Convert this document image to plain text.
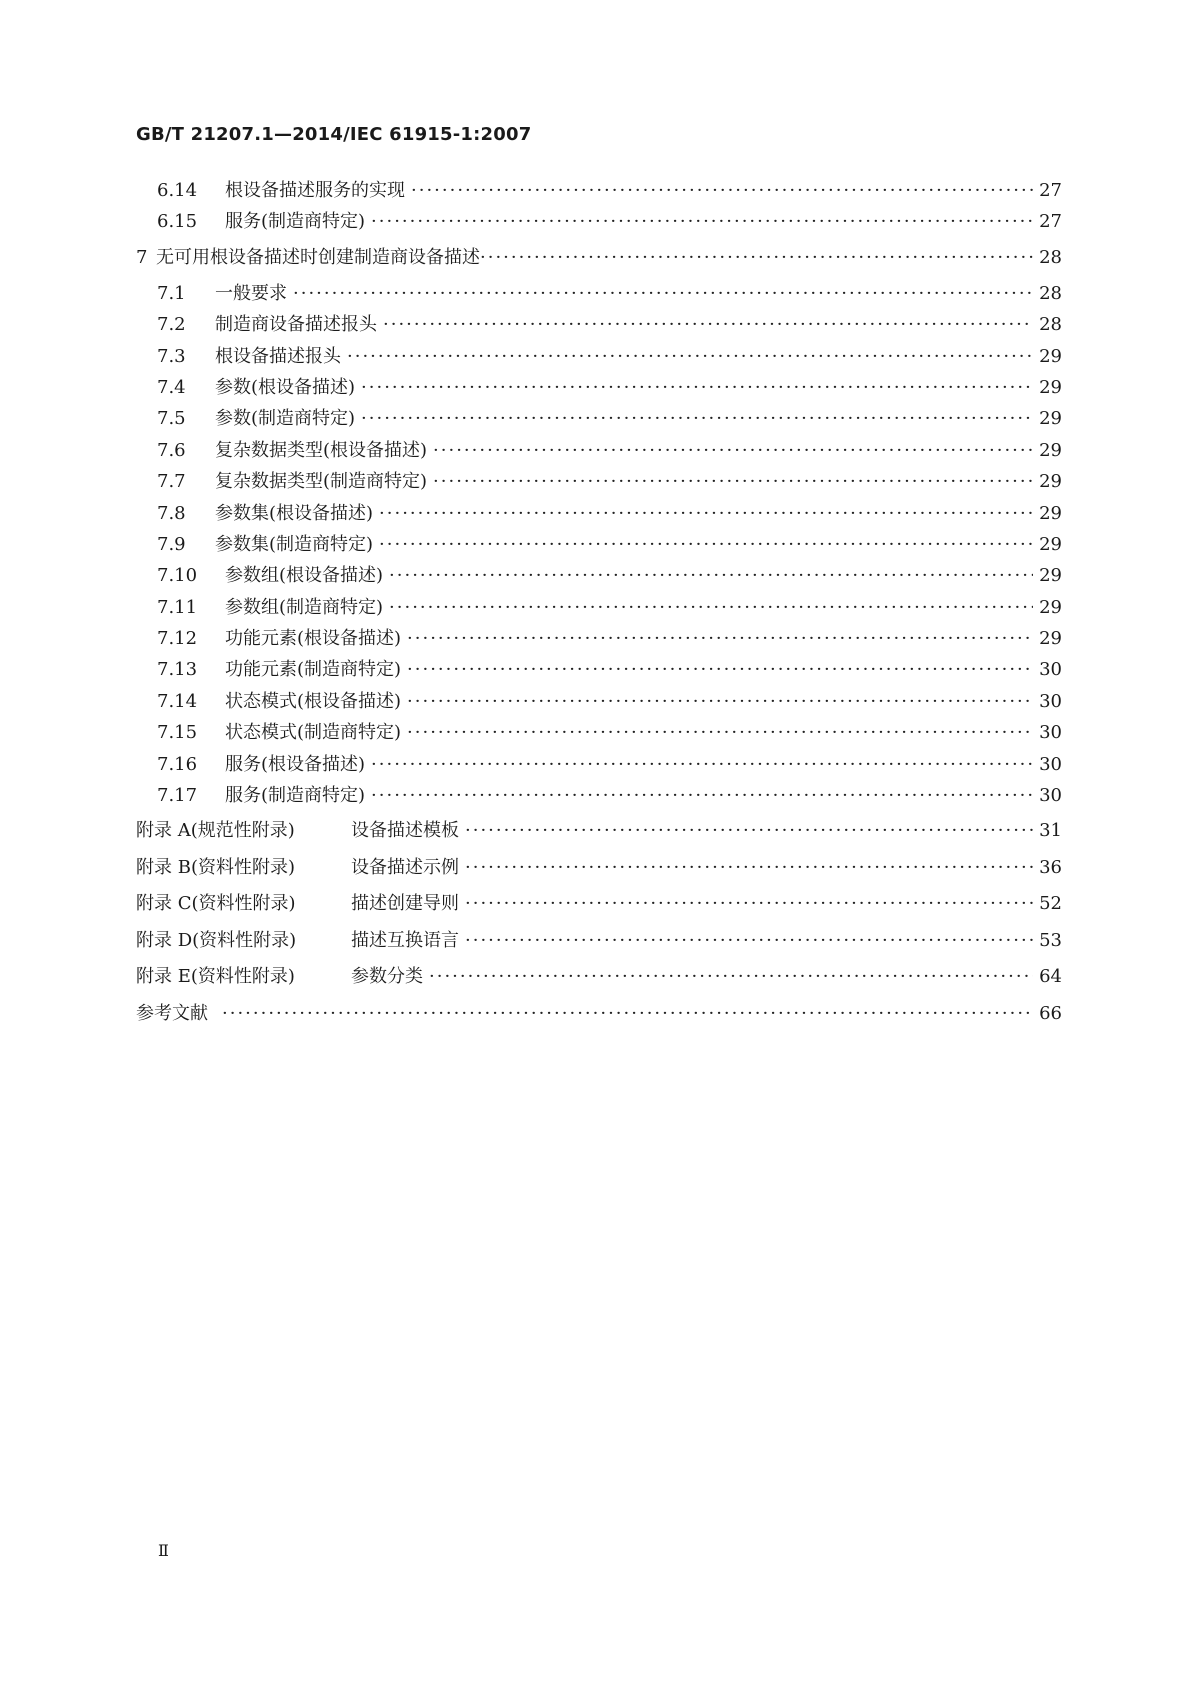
GB/T 21207.1—2014/IEC 61915-1:2007
6.14	根设备描述服务的实现 ·····	27
6.15	服务(制造商特定) ·····	27
7 无可用根设备描述时创建制造商设备描述 ·····	28
7.1	一般要求 ·····	28
7.2	制造商设备描述报头 ·····	28
7.3	根设备描述报头 ·····	29
7.4	参数(根设备描述) ·····	29
7.5	参数(制造商特定) ·····	29
7.6	复杂数据类型(根设备描述) ·····	29
7.7	复杂数据类型(制造商特定) ·····	29
7.8	参数集(根设备描述) ·····	29
7.9	参数集(制造商特定) ·····	29
7.10	参数组(根设备描述) ·····	29
7.11	参数组(制造商特定) ·····	29
7.12	功能元素(根设备描述) ·····	29
7.13	功能元素(制造商特定) ·····	30
7.14	状态模式(根设备描述) ·····	30
7.15	状态模式(制造商特定) ·····	30
7.16	服务(根设备描述) ·····	30
7.17	服务(制造商特定) ·····	30
附录 A(规范性附录)	设备描述模板 ·····	31
附录 B(资料性附录)	设备描述示例 ·····	36
附录 C(资料性附录)	描述创建导则 ·····	52
附录 D(资料性附录)	描述互换语言 ·····	53
附录 E(资料性附录)	参数分类 ·····	64
参考文献 ·····	66
Ⅱ
